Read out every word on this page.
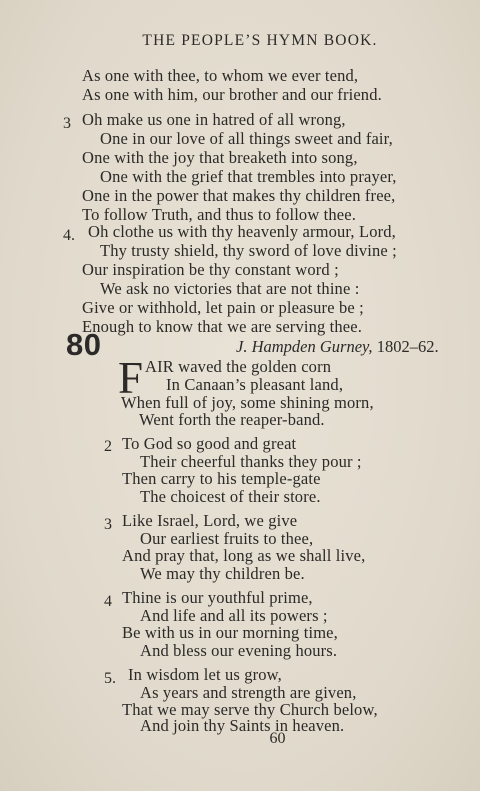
THE PEOPLE’S HYMN BOOK.
As one with thee, to whom we ever tend,
As one with him, our brother and our friend.
3 Oh make us one in hatred of all wrong,
One in our love of all things sweet and fair,
One with the joy that breaketh into song,
One with the grief that trembles into prayer,
One in the power that makes thy children free,
To follow Truth, and thus to follow thee.
4. Oh clothe us with thy heavenly armour, Lord,
Thy trusty shield, thy sword of love divine ;
Our inspiration be thy constant word ;
We ask no victories that are not thine :
Give or withhold, let pain or pleasure be ;
Enough to know that we are serving thee.
80	J. Hampden Gurney, 1802–62.
F AIR waved the golden corn
In Canaan’s pleasant land,
When full of joy, some shining morn,
Went forth the reaper-band.
2 To God so good and great
Their cheerful thanks they pour ;
Then carry to his temple-gate
The choicest of their store.
3 Like Israel, Lord, we give
Our earliest fruits to thee,
And pray that, long as we shall live,
We may thy children be.
4 Thine is our youthful prime,
And life and all its powers ;
Be with us in our morning time,
And bless our evening hours.
5. In wisdom let us grow,
As years and strength are given,
That we may serve thy Church below,
And join thy Saints in heaven.
60
